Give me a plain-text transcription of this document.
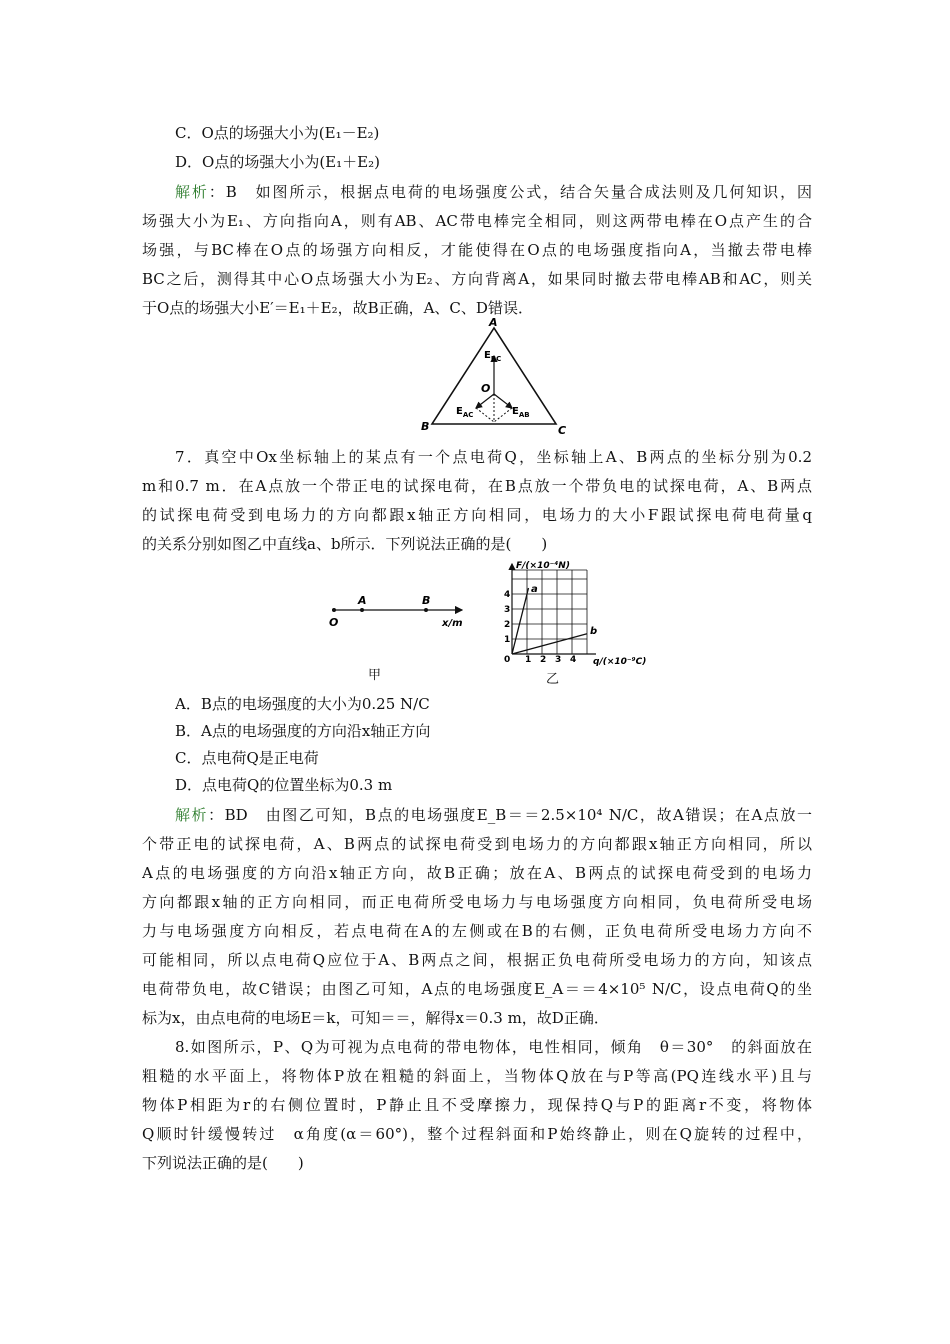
C．O点的场强大小为(E₁－E₂)
D．O点的场强大小为(E₁＋E₂)
解析：B　如图所示，根据点电荷的电场强度公式，结合矢量合成法则及几何知识，因
场强大小为E₁、方向指向A，则有AB、AC带电棒完全相同，则这两带电棒在O点产生的合
场强，与BC棒在O点的场强方向相反，才能使得在O点的电场强度指向A，当撤去带电棒
BC之后，测得其中心O点场强大小为E₂、方向背离A，如果同时撤去带电棒AB和AC，则关
于O点的场强大小E′＝E₁＋E₂，故B正确，A、C、D错误．
A
B	C
O
$E_{BC}$
$E_{AC}$	$E_{AB}$
7．真空中Ox坐标轴上的某点有一个点电荷Q，坐标轴上A、B两点的坐标分别为0.2
m和0.7 m．在A点放一个带正电的试探电荷，在B点放一个带负电的试探电荷，A、B两点
的试探电荷受到电场力的方向都跟x轴正方向相同，电场力的大小F跟试探电荷电荷量q
的关系分别如图乙中直线a、b所示．下列说法正确的是(　　)
O
A	B
x/m
甲
F/(×10⁻⁴N)
a
b
0
1
2
3
4
1 2 3 4 q/(×10⁻⁹C)
乙
A．B点的电场强度的大小为0.25 N/C
B．A点的电场强度的方向沿x轴正方向
C．点电荷Q是正电荷
D．点电荷Q的位置坐标为0.3 m
解析：BD　由图乙可知，B点的电场强度E_B＝＝2.5×10⁴ N/C，故A错误；在A点放一
个带正电的试探电荷，A、B两点的试探电荷受到电场力的方向都跟x轴正方向相同，所以
A点的电场强度的方向沿x轴正方向，故B正确；放在A、B两点的试探电荷受到的电场力
方向都跟x轴的正方向相同，而正电荷所受电场力与电场强度方向相同，负电荷所受电场
力与电场强度方向相反，若点电荷在A的左侧或在B的右侧，正负电荷所受电场力方向不
可能相同，所以点电荷Q应位于A、B两点之间，根据正负电荷所受电场力的方向，知该点
电荷带负电，故C错误；由图乙可知，A点的电场强度E_A＝＝4×10⁵ N/C，设点电荷Q的坐
标为x，由点电荷的电场E＝k，可知＝＝，解得x＝0.3 m，故D正确．
8.如图所示，P、Q为可视为点电荷的带电物体，电性相同，倾角　θ＝30°　的斜面放在
粗糙的水平面上，将物体P放在粗糙的斜面上，当物体Q放在与P等高(PQ连线水平)且与
物体P相距为r的右侧位置时，P静止且不受摩擦力，现保持Q与P的距离r不变，将物体
Q顺时针缓慢转过　α角度(α＝60°)，整个过程斜面和P始终静止，则在Q旋转的过程中，
下列说法正确的是(　　)
